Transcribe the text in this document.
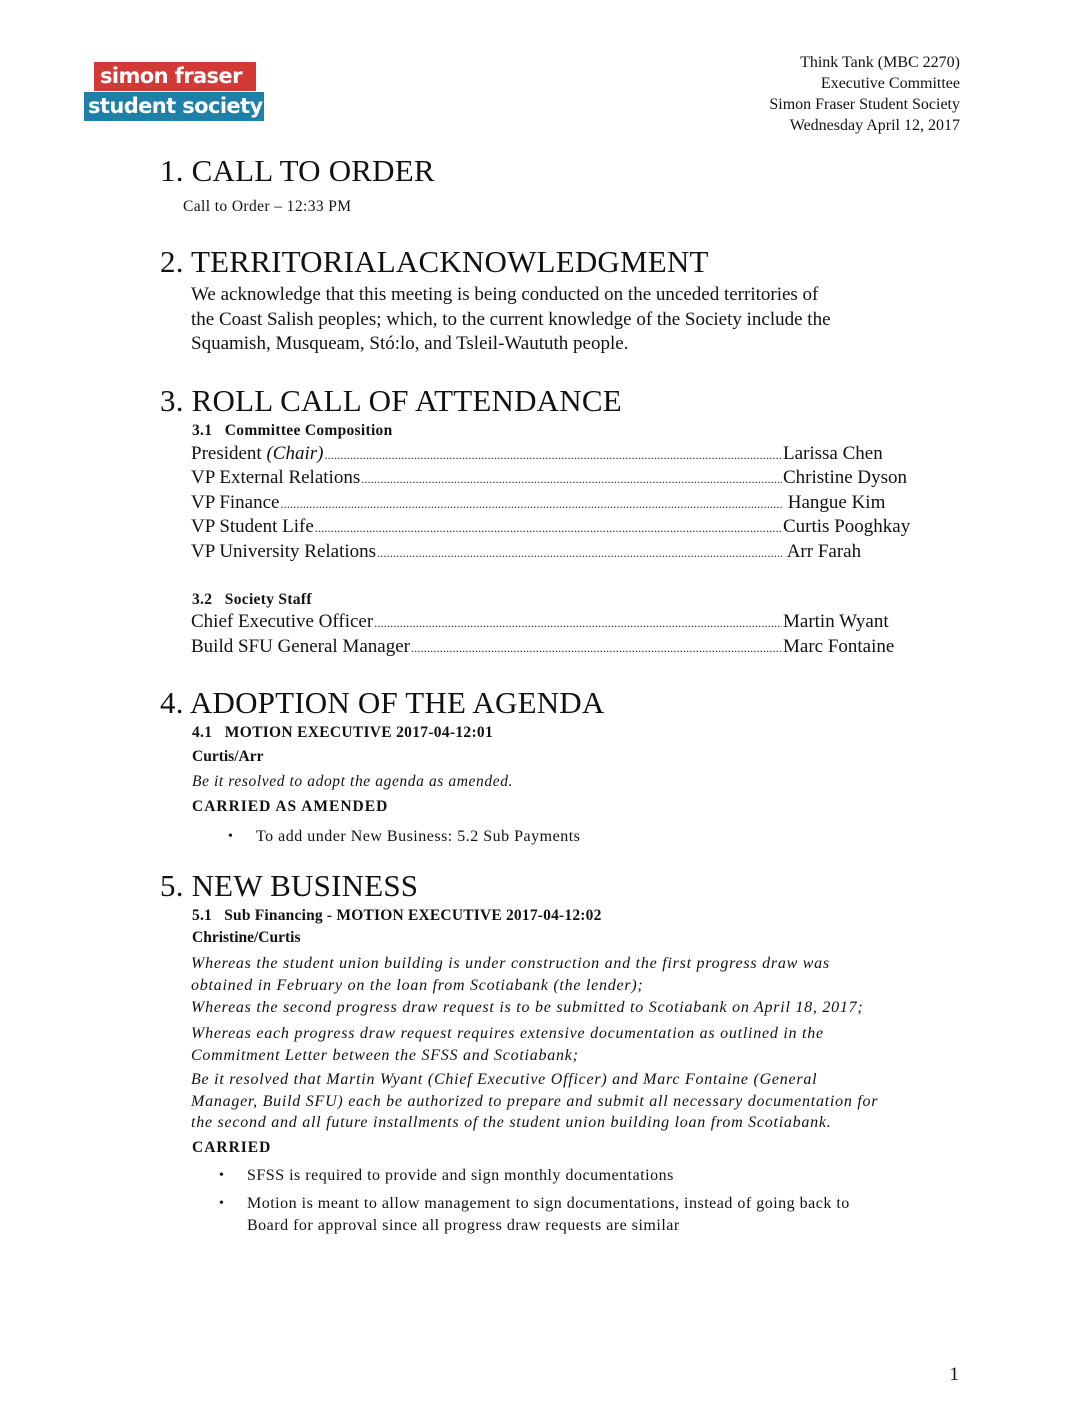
simon fraser
student society
Think Tank (MBC 2270)
Executive Committee
Simon Fraser Student Society
Wednesday April 12, 2017
1. CALL TO ORDER
Call to Order – 12:33 PM
2. TERRITORIALACKNOWLEDGMENT
We acknowledge that this meeting is being conducted on the unceded territories of
the Coast Salish peoples; which, to the current knowledge of the Society include the
Squamish, Musqueam, Stó:lo, and Tsleil-Waututh people.
3. ROLL CALL OF ATTENDANCE
3.1   Committee Composition
President (Chair) .....	Larissa Chen
VP External Relations .....	Christine Dyson
VP Finance .....	Hangue Kim
VP Student Life .....	Curtis Pooghkay
VP University Relations .....	Arr Farah
3.2   Society Staff
Chief Executive Officer .....	Martin Wyant
Build SFU General Manager .....	Marc Fontaine
4. ADOPTION OF THE AGENDA
4.1   MOTION EXECUTIVE 2017-04-12:01
Curtis/Arr
Be it resolved to adopt the agenda as amended.
CARRIED AS AMENDED
• To add under New Business: 5.2 Sub Payments
5. NEW BUSINESS
5.1   Sub Financing - MOTION EXECUTIVE 2017-04-12:02
Christine/Curtis
Whereas the student union building is under construction and the first progress draw was
obtained in February on the loan from Scotiabank (the lender);
Whereas the second progress draw request is to be submitted to Scotiabank on April 18, 2017;
Whereas each progress draw request requires extensive documentation as outlined in the
Commitment Letter between the SFSS and Scotiabank;
Be it resolved that Martin Wyant (Chief Executive Officer) and Marc Fontaine (General
Manager, Build SFU) each be authorized to prepare and submit all necessary documentation for
the second and all future installments of the student union building loan from Scotiabank.
CARRIED
• SFSS is required to provide and sign monthly documentations
• Motion is meant to allow management to sign documentations, instead of going back to
Board for approval since all progress draw requests are similar
1
